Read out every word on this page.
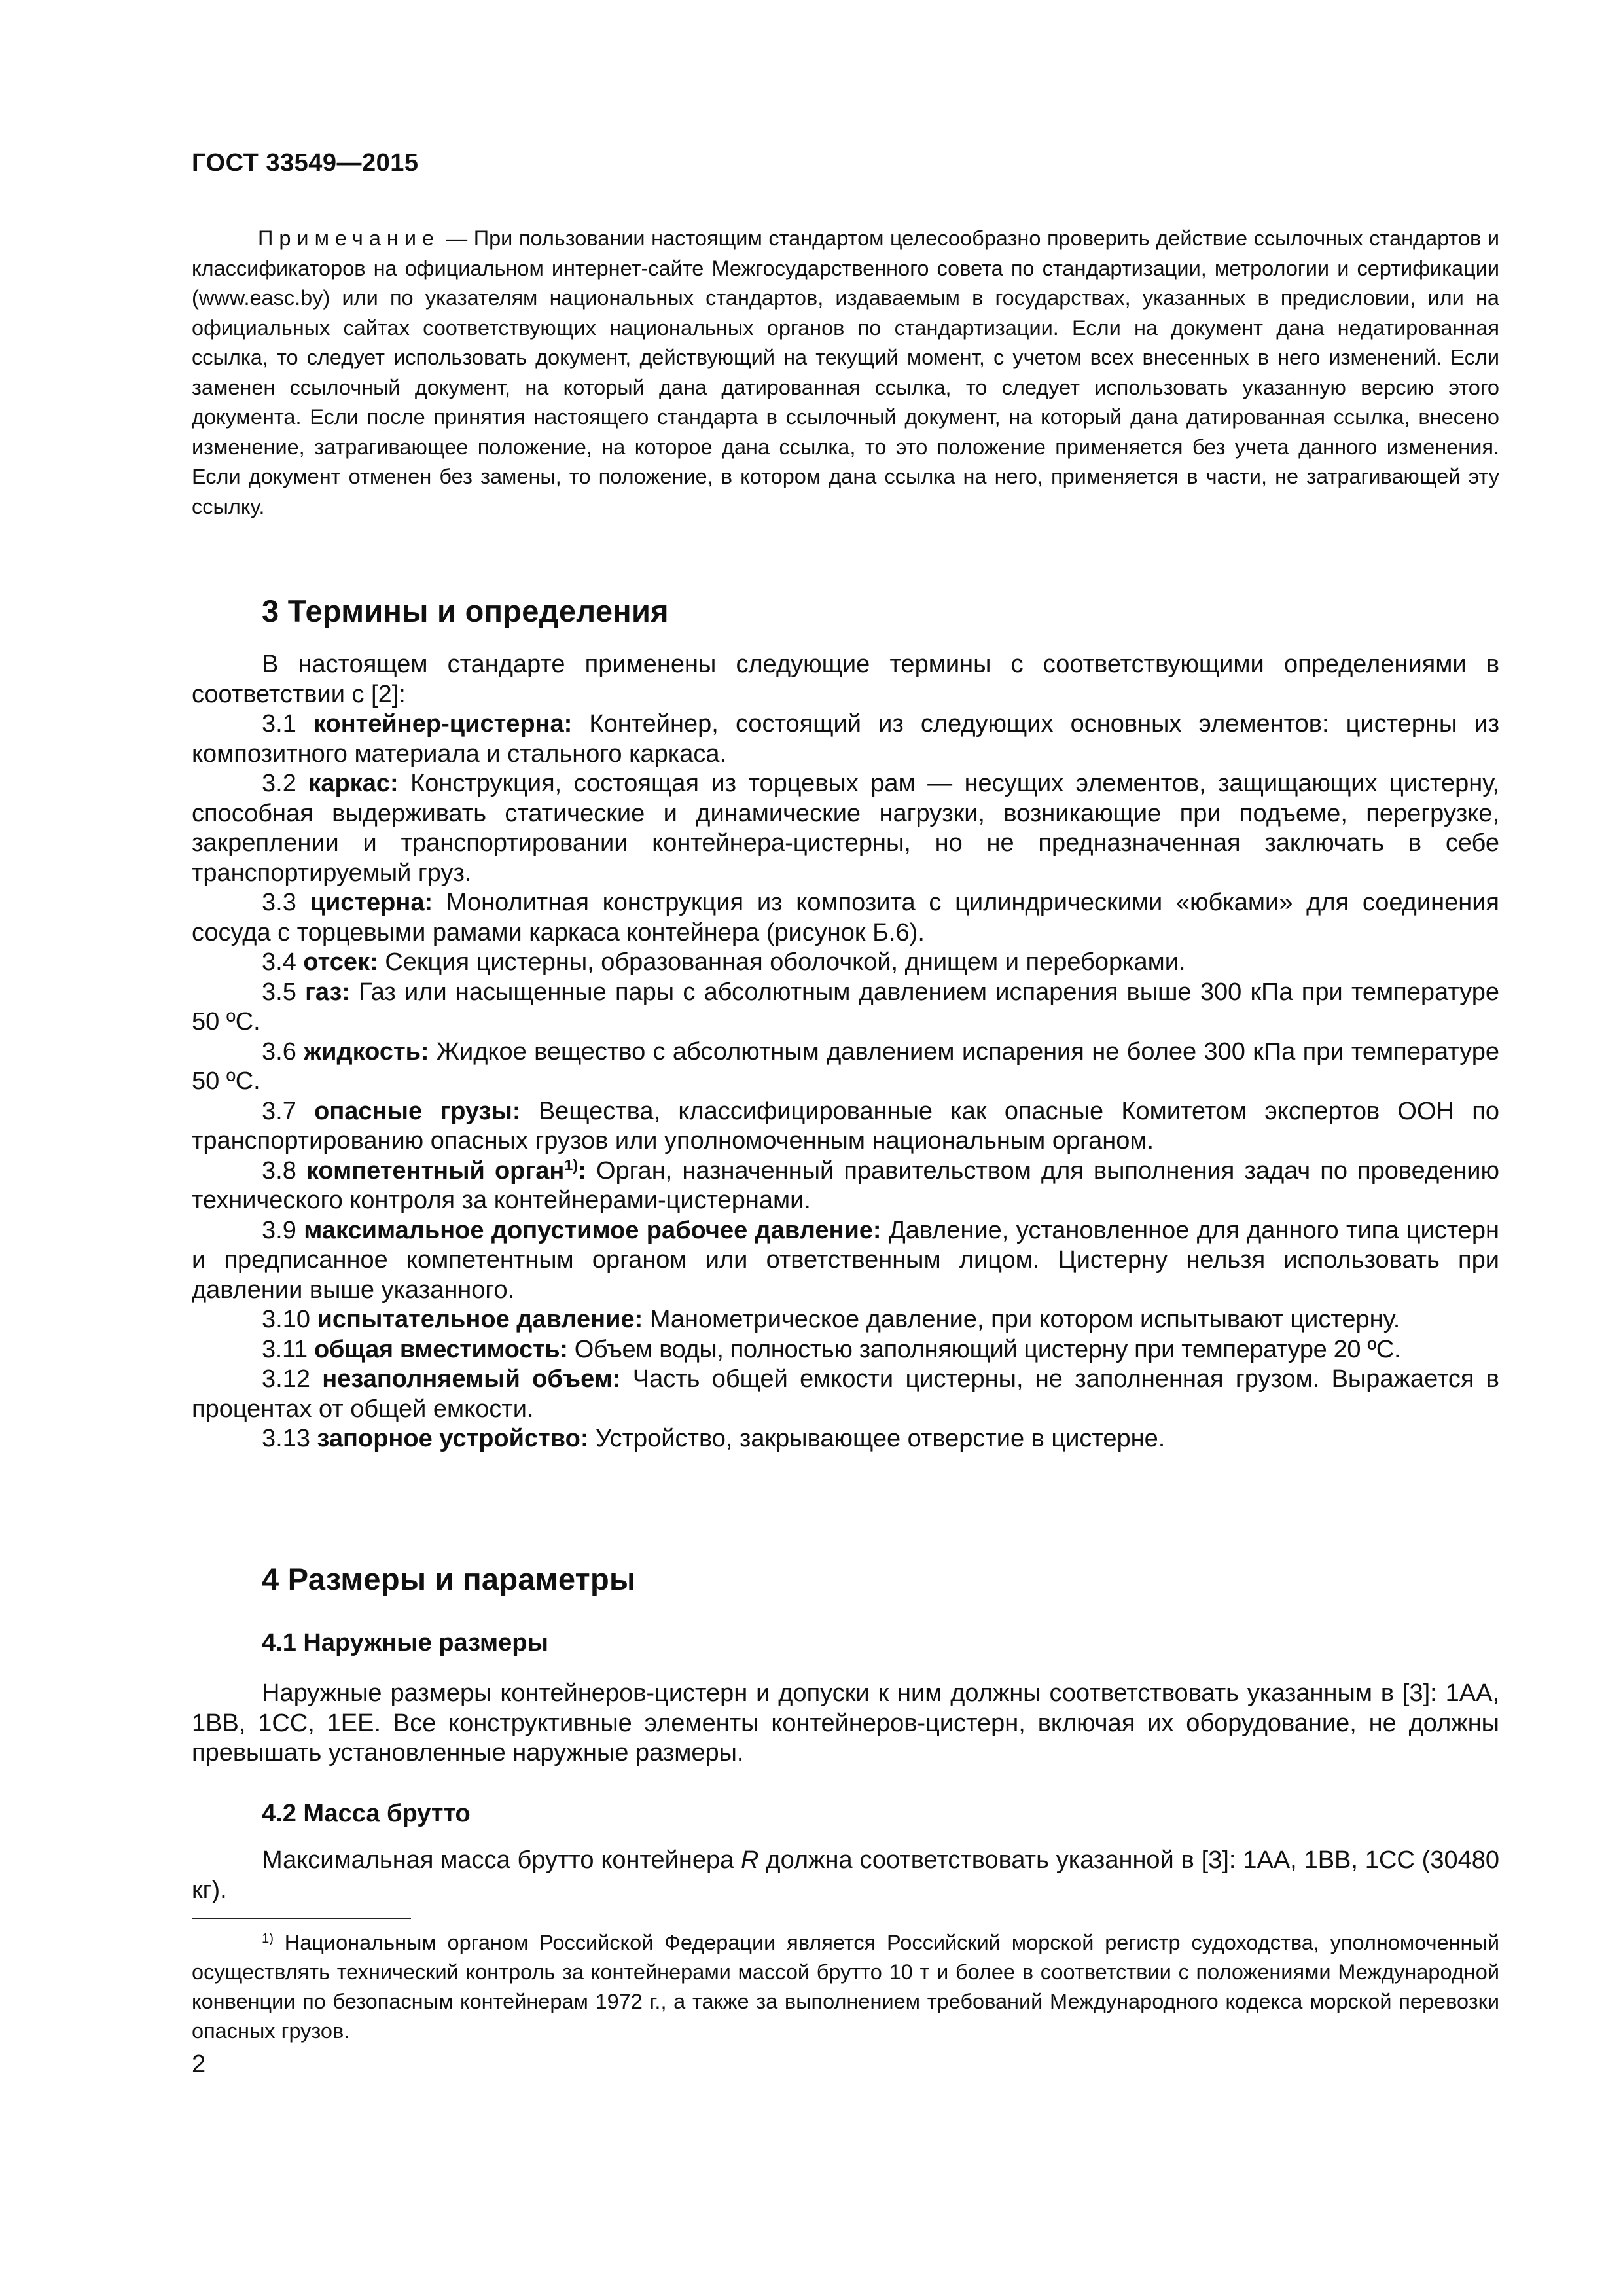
ГОСТ 33549—2015

Примечание — При пользовании настоящим стандартом целесообразно проверить действие ссылочных стандартов и классификаторов на официальном интернет-сайте Межгосударственного совета по стандартизации, метрологии и сертификации (www.easc.by) или по указателям национальных стандартов, издаваемым в государствах, указанных в предисловии, или на официальных сайтах соответствующих национальных органов по стандартизации. Если на документ дана недатированная ссылка, то следует использовать документ, действующий на текущий момент, с учетом всех внесенных в него изменений. Если заменен ссылочный документ, на который дана датированная ссылка, то следует использовать указанную версию этого документа. Если после принятия настоящего стандарта в ссылочный документ, на который дана датированная ссылка, внесено изменение, затрагивающее положение, на которое дана ссылка, то это положение применяется без учета данного изменения. Если документ отменен без замены, то положение, в котором дана ссылка на него, применяется в части, не затрагивающей эту ссылку.

3 Термины и определения

В настоящем стандарте применены следующие термины с соответствующими определениями в соответствии с [2]:

3.1 контейнер-цистерна: Контейнер, состоящий из следующих основных элементов: цистерны из композитного материала и стального каркаса.

3.2 каркас: Конструкция, состоящая из торцевых рам — несущих элементов, защищающих цистерну, способная выдерживать статические и динамические нагрузки, возникающие при подъеме, перегрузке, закреплении и транспортировании контейнера-цистерны, но не предназначенная заключать в себе транспортируемый груз.

3.3 цистерна: Монолитная конструкция из композита с цилиндрическими «юбками» для соединения сосуда с торцевыми рамами каркаса контейнера (рисунок Б.6).

3.4 отсек: Секция цистерны, образованная оболочкой, днищем и переборками.

3.5 газ: Газ или насыщенные пары с абсолютным давлением испарения выше 300 кПа при температуре 50 ºС.

3.6 жидкость: Жидкое вещество с абсолютным давлением испарения не более 300 кПа при температуре 50 ºС.

3.7 опасные грузы: Вещества, классифицированные как опасные Комитетом экспертов ООН по транспортированию опасных грузов или уполномоченным национальным органом.

3.8 компетентный орган$^{1)}$: Орган, назначенный правительством для выполнения задач по проведению технического контроля за контейнерами-цистернами.

3.9 максимальное допустимое рабочее давление: Давление, установленное для данного типа цистерн и предписанное компетентным органом или ответственным лицом. Цистерну нельзя использовать при давлении выше указанного.

3.10 испытательное давление: Манометрическое давление, при котором испытывают цистерну.

3.11 общая вместимость: Объем воды, полностью заполняющий цистерну при температуре 20 ºС.

3.12 незаполняемый объем: Часть общей емкости цистерны, не заполненная грузом. Выражается в процентах от общей емкости.

3.13 запорное устройство: Устройство, закрывающее отверстие в цистерне.

4 Размеры и параметры
4.1 Наружные размеры

Наружные размеры контейнеров-цистерн и допуски к ним должны соответствовать указанным в [3]: 1АА, 1ВВ, 1СС, 1ЕЕ. Все конструктивные элементы контейнеров-цистерн, включая их оборудование, не должны превышать установленные наружные размеры.

4.2 Масса брутто

Максимальная масса брутто контейнера R должна соответствовать указанной в [3]: 1АА, 1ВВ, 1СС (30480 кг).

$^{1)}$ Национальным органом Российской Федерации является Российский морской регистр судоходства, уполномоченный осуществлять технический контроль за контейнерами массой брутто 10 т и более в соответствии с положениями Международной конвенции по безопасным контейнерам 1972 г., а также за выполнением требований Международного кодекса морской перевозки опасных грузов.

2
